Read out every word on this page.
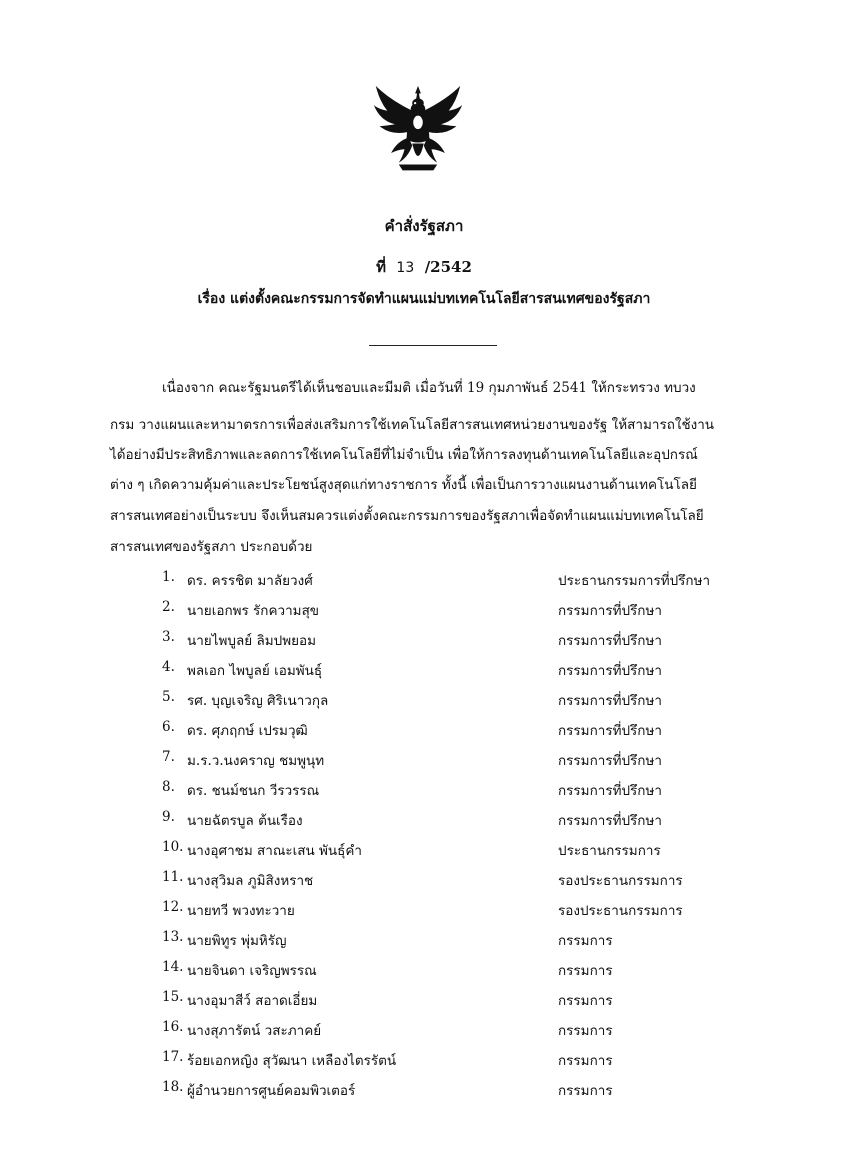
คำสั่งรัฐสภา
ที่ 13 /2542
เรื่อง แต่งตั้งคณะกรรมการจัดทำแผนแม่บทเทคโนโลยีสารสนเทศของรัฐสภา
เนื่องจาก คณะรัฐมนตรีได้เห็นชอบและมีมติ เมื่อวันที่ 19 กุมภาพันธ์ 2541 ให้กระทรวง ทบวง
กรม วางแผนและหามาตรการเพื่อส่งเสริมการใช้เทคโนโลยีสารสนเทศหน่วยงานของรัฐ ให้สามารถใช้งาน
ได้อย่างมีประสิทธิภาพและลดการใช้เทคโนโลยีที่ไม่จำเป็น เพื่อให้การลงทุนด้านเทคโนโลยีและอุปกรณ์
ต่าง ๆ เกิดความคุ้มค่าและประโยชน์สูงสุดแก่ทางราชการ ทั้งนี้ เพื่อเป็นการวางแผนงานด้านเทคโนโลยี
สารสนเทศอย่างเป็นระบบ จึงเห็นสมควรแต่งตั้งคณะกรรมการของรัฐสภาเพื่อจัดทำแผนแม่บทเทคโนโลยี
สารสนเทศของรัฐสภา ประกอบด้วย
1. ดร. ครรชิต มาลัยวงศ์	ประธานกรรมการที่ปรึกษา
2. นายเอกพร รักความสุข	กรรมการที่ปรึกษา
3. นายไพบูลย์ ลิมปพยอม	กรรมการที่ปรึกษา
4. พลเอก ไพบูลย์ เอมพันธุ์	กรรมการที่ปรึกษา
5. รศ. บุญเจริญ ศิริเนาวกุล	กรรมการที่ปรึกษา
6. ดร. ศุภฤกษ์ เปรมวุฒิ	กรรมการที่ปรึกษา
7. ม.ร.ว.นงคราญ ชมพูนุท	กรรมการที่ปรึกษา
8. ดร. ชนม์ชนก วีรวรรณ	กรรมการที่ปรึกษา
9. นายฉัตรบูล ต้นเรือง	กรรมการที่ปรึกษา
10. นางอุศาชม สาณะเสน พันธุ์คำ	ประธานกรรมการ
11. นางสุวิมล ภูมิสิงหราช	รองประธานกรรมการ
12. นายทวี พวงทะวาย	รองประธานกรรมการ
13. นายพิทูร พุ่มหิรัญ	กรรมการ
14. นายจินดา เจริญพรรณ	กรรมการ
15. นางอุมาสีว์ สอาดเอี่ยม	กรรมการ
16. นางสุภารัตน์ วสะภาคย์	กรรมการ
17. ร้อยเอกหญิง สุวัฒนา เหลืองไตรรัตน์	กรรมการ
18. ผู้อำนวยการศูนย์คอมพิวเตอร์	กรรมการ
